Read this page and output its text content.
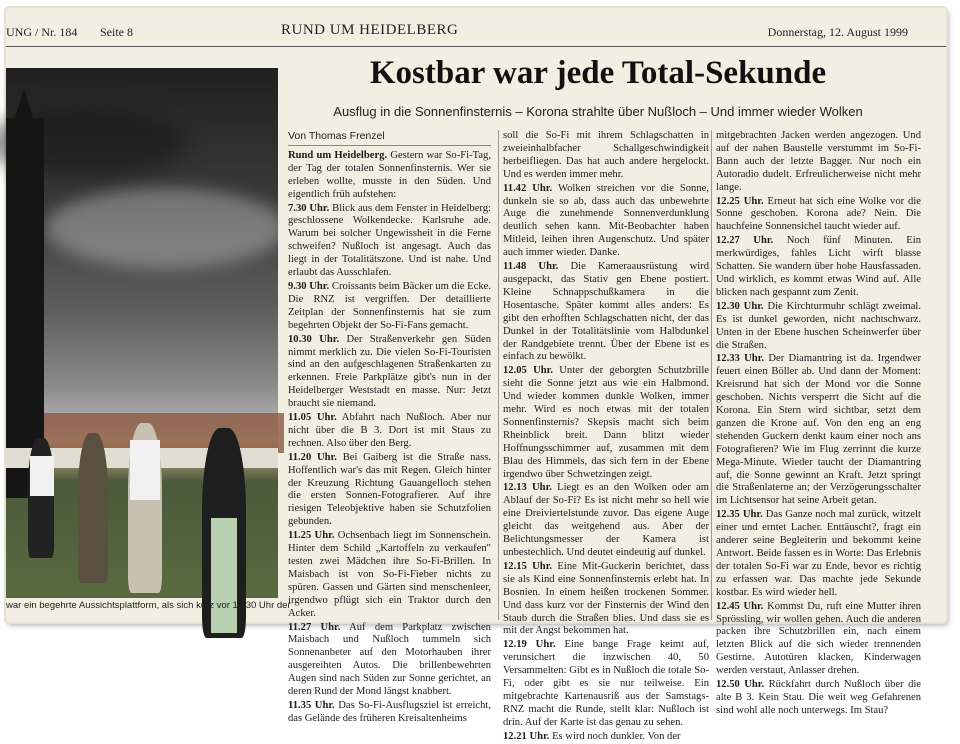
UNG / Nr. 184 Seite 8	RUND UM HEIDELBERG	Donnerstag, 12. August 1999
war ein begehrte Aussichtsplattform, als sich kurz vor 12.30 Uhr der
Kostbar war jede Total-Sekunde
Ausflug in die Sonnenfinsternis – Korona strahlte über Nußloch – Und immer wieder Wolken
Von Thomas Frenzel

Rund um Heidelberg. Gestern war So-Fi-Tag, der Tag der totalen Sonnenfinsternis. Wer sie erleben wollte, musste in den Süden. Und eigentlich früh aufstehen:

7.30 Uhr. Blick aus dem Fenster in Heidelberg: geschlossene Wolkendecke. Karlsruhe ade. Warum bei solcher Ungewissheit in die Ferne schweifen? Nußloch ist angesagt. Auch das liegt in der Totalitätszone. Und ist nahe. Und erlaubt das Ausschlafen.

9.30 Uhr. Croissants beim Bäcker um die Ecke. Die RNZ ist vergriffen. Der detaillierte Zeitplan der Sonnenfinsternis hat sie zum begehrten Objekt der So-Fi-Fans gemacht.

10.30 Uhr. Der Straßenverkehr gen Süden nimmt merklich zu. Die vielen So-Fi-Touristen sind an den aufgeschlagenen Straßenkarten zu erkennen. Freie Parkplätze gibt's nun in der Heidelberger Weststadt en masse. Nur: Jetzt braucht sie niemand.

11.05 Uhr. Abfahrt nach Nußloch. Aber nur nicht über die B 3. Dort ist mit Staus zu rechnen. Also über den Berg.

11.20 Uhr. Bei Gaiberg ist die Straße nass. Hoffentlich war's das mit Regen. Gleich hinter der Kreuzung Richtung Gauangelloch stehen die ersten Sonnen-Fotografierer. Auf ihre riesigen Teleobjektive haben sie Schutzfolien gebunden.

11.25 Uhr. Ochsenbach liegt im Sonnenschein. Hinter dem Schild „Kartoffeln zu verkaufen" testen zwei Mädchen ihre So-Fi-Brillen. In Maisbach ist von So-Fi-Fieber nichts zu spüren. Gassen und Gärten sind menschenleer, irgendwo pflügt sich ein Traktor durch den Acker.

11.27 Uhr. Auf dem Parkplatz zwischen Maisbach und Nußloch tummeln sich Sonnenanbeter auf den Motorhauben ihrer ausgereihten Autos. Die brillenbewehrten Augen sind nach Süden zur Sonne gerichtet, an deren Rund der Mond längst knabbert.

11.35 Uhr. Das So-Fi-Ausflugsziel ist erreicht, das Gelände des früheren Kreisaltenheims

soll die So-Fi mit ihrem Schlagschatten in zweieinhalbfacher Schallgeschwindigkeit herbeifliegen. Das hat auch andere hergelockt. Und es werden immer mehr.

11.42 Uhr. Wolken streichen vor die Sonne, dunkeln sie so ab, dass auch das unbewehrte Auge die zunehmende Sonnenverdunklung deutlich sehen kann. Mit-Beobachter haben Mitleid, leihen ihren Augenschutz. Und später auch immer wieder. Danke.

11.48 Uhr. Die Kameraausrüstung wird ausgepackt, das Stativ gen Ebene postiert. Kleine Schnappschußkamera in die Hosentasche. Später kommt alles anders: Es gibt den erhofften Schlagschatten nicht, der das Dunkel in der Totalitätslinie vom Halbdunkel der Randgebiete trennt. Über der Ebene ist es einfach zu bewölkt.

12.05 Uhr. Unter der geborgten Schutzbrille sieht die Sonne jetzt aus wie ein Halbmond. Und wieder kommen dunkle Wolken, immer mehr. Wird es noch etwas mit der totalen Sonnenfinsternis? Skepsis macht sich beim Rheinblick breit. Dann blitzt wieder Hoffnungsschimmer auf, zusammen mit dem Blau des Himmels, das sich fern in der Ebene irgendwo über Schwetzingen zeigt.

12.13 Uhr. Liegt es an den Wolken oder am Ablauf der So-Fi? Es ist nicht mehr so hell wie eine Dreiviertelstunde zuvor. Das eigene Auge gleicht das weitgehend aus. Aber der Belichtungsmesser der Kamera ist unbestechlich. Und deutet eindeutig auf dunkel.

12.15 Uhr. Eine Mit-Guckerin berichtet, dass sie als Kind eine Sonnenfinsternis erlebt hat. In Bosnien. In einem heißen trockenen Sommer. Und dass kurz vor der Finsternis der Wind den Staub durch die Straßen blies. Und dass sie es mit der Angst bekommen hat.

12.19 Uhr. Eine bange Frage keimt auf, verunsichert die inzwischen 40, 50 Versammelten: Gibt es in Nußloch die totale So-Fi, oder gibt es sie nur teilweise. Ein mitgebrachte Kartenausriß aus der Samstags-RNZ macht die Runde, stellt klar: Nußloch ist drin. Auf der Karte ist das genau zu sehen.

12.21 Uhr. Es wird noch dunkler. Von der

mitgebrachten Jacken werden angezogen. Und auf der nahen Baustelle verstummt im So-Fi-Bann auch der letzte Bagger. Nur noch ein Autoradio dudelt. Erfreulicherweise nicht mehr lange.

12.25 Uhr. Erneut hat sich eine Wolke vor die Sonne geschoben. Korona ade? Nein. Die hauchfeine Sonnensichel taucht wieder auf.

12.27 Uhr. Noch fünf Minuten. Ein merkwürdiges, fahles Licht wirft blasse Schatten. Sie wandern über hohe Hausfassaden. Und wirklich, es kommt etwas Wind auf. Alle blicken nach gespannt zum Zenit.

12.30 Uhr. Die Kirchturmuhr schlägt zweimal. Es ist dunkel geworden, nicht nachtschwarz. Unten in der Ebene huschen Scheinwerfer über die Straßen.

12.33 Uhr. Der Diamantring ist da. Irgendwer feuert einen Böller ab. Und dann der Moment: Kreisrund hat sich der Mond vor die Sonne geschoben. Nichts versperrt die Sicht auf die Korona. Ein Stern wird sichtbar, setzt dem ganzen die Krone auf. Von den eng an eng stehenden Guckern denkt kaum einer noch ans Fotografieren? Wie im Flug zerrinnt die kurze Mega-Minute. Wieder taucht der Diamantring auf, die Sonne gewinnt an Kraft. Jetzt springt die Straßenlaterne an; der Verzögerungsschalter im Lichtsensor hat seine Arbeit getan.

12.35 Uhr. Das Ganze noch mal zurück, witzelt einer und erntet Lacher. Enttäuscht?, fragt ein anderer seine Begleiterin und bekommt keine Antwort. Beide fassen es in Worte: Das Erlebnis der totalen So-Fi war zu Ende, bevor es richtig zu erfassen war. Das machte jede Sekunde kostbar. Es wird wieder hell.

12.45 Uhr. Kommst Du, ruft eine Mutter ihren Sprössling, wir wollen gehen. Auch die anderen packen ihre Schutzbrillen ein, nach einem letzten Blick auf die sich wieder trennenden Gestirne. Autotüren klacken, Kinderwagen werden verstaut, Anlasser drehen.

12.50 Uhr. Rückfahrt durch Nußloch über die alte B 3. Kein Stau. Die weit weg Gefahrenen sind wohl alle noch unterwegs. Im Stau?
